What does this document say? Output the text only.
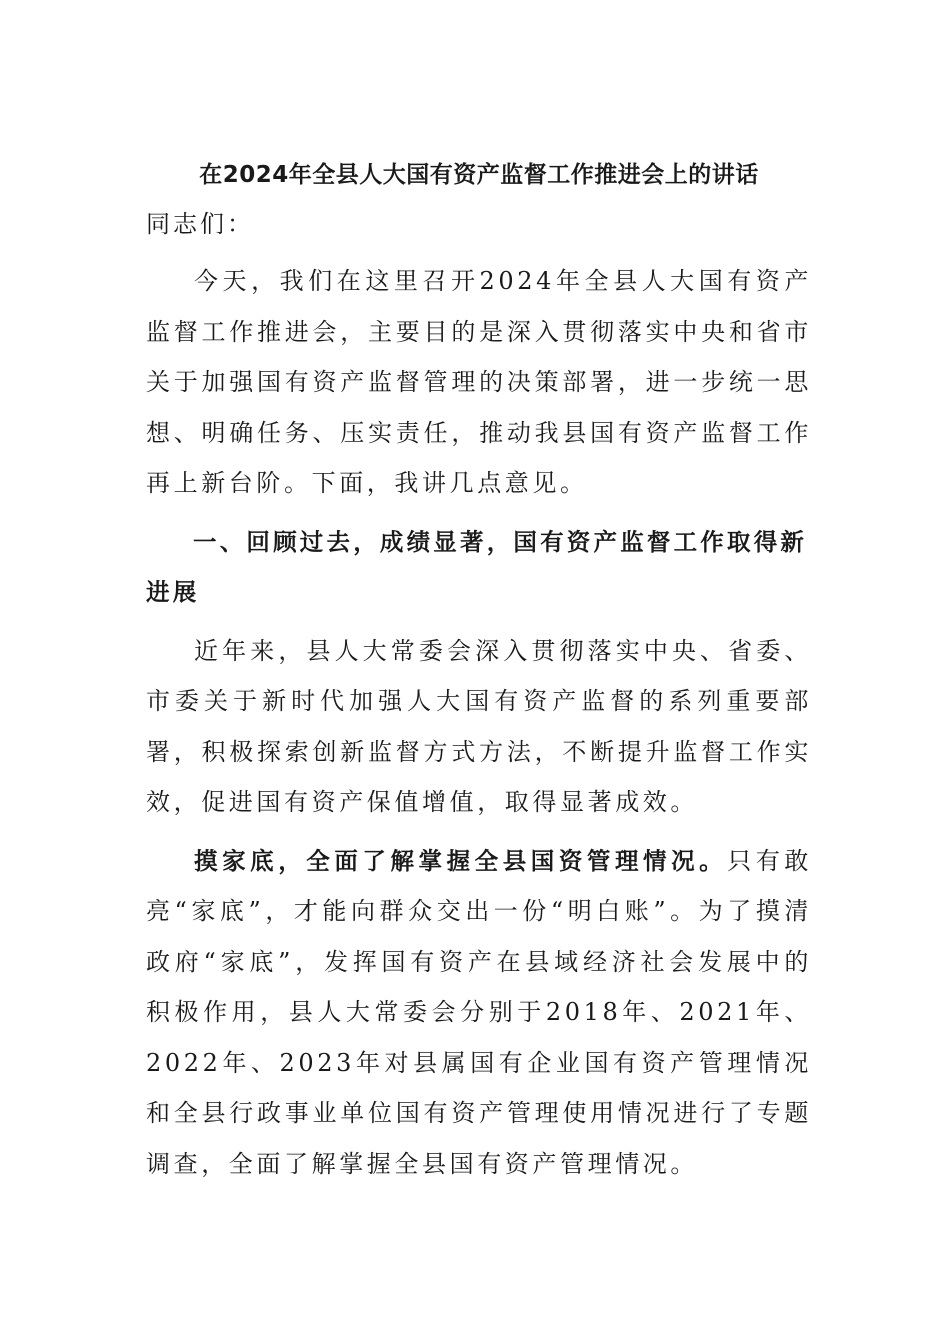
在2024年全县人大国有资产监督工作推进会上的讲话
同志们：

今天，我们在这里召开2024年全县人大国有资产监督工作推进会，主要目的是深入贯彻落实中央和省市关于加强国有资产监督管理的决策部署，进一步统一思想、明确任务、压实责任，推动我县国有资产监督工作再上新台阶。下面，我讲几点意见。

一、回顾过去，成绩显著，国有资产监督工作取得新进展

近年来，县人大常委会深入贯彻落实中央、省委、市委关于新时代加强人大国有资产监督的系列重要部署，积极探索创新监督方式方法，不断提升监督工作实效，促进国有资产保值增值，取得显著成效。

摸家底，全面了解掌握全县国资管理情况。只有敢亮“家底”，才能向群众交出一份“明白账”。为了摸清政府“家底”，发挥国有资产在县域经济社会发展中的积极作用，县人大常委会分别于2018年、2021年、2022年、2023年对县属国有企业国有资产管理情况和全县行政事业单位国有资产管理使用情况进行了专题调查，全面了解掌握全县国有资产管理情况。
